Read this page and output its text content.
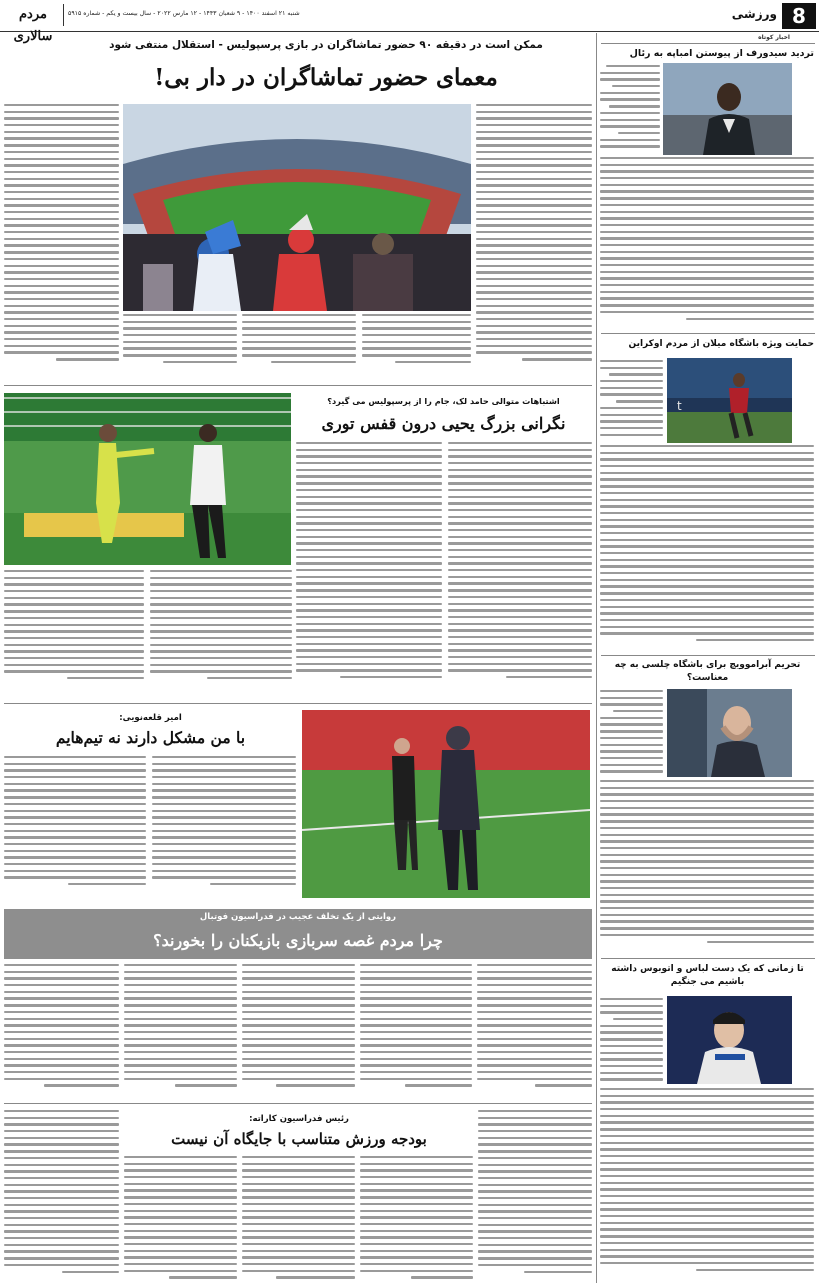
مردم سالاری
شنبه ۲۱ اسفند ۱۴۰۰ - ۹ شعبان ۱۴۴۳ - ۱۲ مارس ۲۰۲۲ - سال بیست و یکم - شماره ۵۹۱۵	ورزشی 8
اخبار کوتاه
تردید سیدورف از پیوستن امباپه به رئال
حمایت ویژه باشگاه میلان از مردم اوکراین
t
تحریم آبراموویچ برای باشگاه چلسی به چه معناست؟
تا زمانی که یک دست لباس و اتوبوس داشته باشیم می جنگیم
ممکن است در دقیقه ۹۰ حضور تماشاگران در بازی پرسپولیس - استقلال منتفی شود
معمای حضور تماشاگران در دار بی!
اشتباهات متوالی حامد لک، جام را از پرسپولیس می گیرد؟
نگرانی بزرگ یحیی درون قفس توری
امیر قلعه‌نویی:
با من مشکل دارند نه تیم‌هایم
روایتی از یک تخلف عجیب در فدراسیون فوتبال
چرا مردم غصه سربازی بازیکنان را بخورند؟
رئیس فدراسیون کاراته:
بودجه ورزش متناسب با جایگاه آن نیست
